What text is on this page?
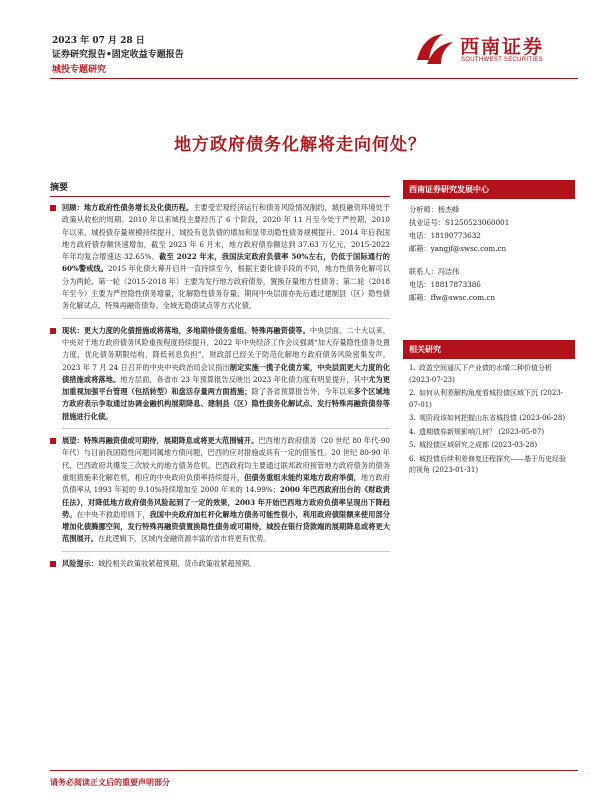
2023 年 07 月 28 日
证券研究报告•固定收益专题报告
城投专题研究
西南证券
SOUTHWEST SECURITIES
地方政府债务化解将走向何处？
摘要
回顾：地方政府性债务增长及化债历程。主要受宏观经济运行和债务风险情况制约，城投融资环境处于政策从收松的周期。2010 年以来城投主要经历了 6 个阶段，2020 年 11 月至今处于严控期，2010 年以来，城投债存量规模持续提升，城投有息负债的增加和显带动隐性债务规模提升。2014 年后我国地方政府债券额快速增加，截至 2023 年 6 月末，地方政府债券额达到 37.63 万亿元，2015-2022 年年均复合增速达 32.65%。截至 2022 年末，我国法定政府负债率 50%左右，仍低于国际通行的 60%警戒线。2015 年化债大幕开启并一直持续至今，根据主要化债手段的不同，地方性债务化解可以分为两轮，第一轮（2015-2018 年）主要为发行地方政府债券，置换存量地方性债务；第二轮（2018 年至今）主要为严控隐性债务增量，化解隐性债务存量，期间中央层面亦先后通过建制县（区）隐性债务化解试点、特殊再融资债券、全域无隐债试点等方式化债。
现状：更大力度的化债措施或将落地，多地期待债务重组、特殊再融资债等。中央层面，二十大以来，中央对于地方政府债务风险重视程度持续提升，2022 年中央经济工作会议强调“加大存量隐性债务处置力度，优化债务期限结构，降低利息负担”，财政部已经关于防范化解地方政府债务风险密集发声。2023 年 7 月 24 日召开的中央中央政治局会议指出制定实施一揽子化债方案，中央层面更大力度的化债措施或将落地。地方层面，各省市 23 年预算报告反映出 2023 年化债力度有明显提升，其中尤为更加重视加强平台管理（包括转型）和盘活存量两方面措施；除了各省预算报告外，今年以来多个区域地方政府表示争取通过协调金融机构展期降息、建制县（区）隐性债务化解试点、发行特殊再融资债券等措施进行化债。
展望：特殊再融资债或可期待，展期降息或将更大范围铺开。巴西地方政府债务（20 世纪 80 年代-90 年代）与目前我国隐性问题同属地方债问题，巴西的应对措施或具有一定的借鉴性。20 世纪 80-90 年代，巴西政府共爆发三次较大的地方债务危机，巴西政府均主要通过联邦政府接管地方政府债务的债务重组措施来化解危机，相应的中央政府负债率持续提升，但债务重组未能约束地方政府举债，地方政府负债率从 1993 年初的 9.10%持续增加至 2000 年末的 14.99%；2000 年巴西政府出台的《财政责任法》，对降低地方政府债务风险起到了一定的效果，2003 年开始巴西地方政府负债率呈现出下降趋势。在中央不救助原则下，我国中央政府加杠杆化解地方债务可能性很小，利用政府债限额来使用部分增加化债腾挪空间，发行特殊再融资债置换隐性债务或可期待，城投在银行贷款端的展期降息或将更大范围展开。在此逻辑下，区域内金融资源丰富的省市将更有优势。
风险提示：城投相关政策收紧超预期、货币政策收紧超预期。
西南证券研究发展中心
分析师：杨杰峰
执业证号：S1250523060001
电话：18190773632
邮箱：yangjf@swsc.com.cn
联系人：冯洁伟
电话：18817873386
邮箱：ffw@swsc.com.cn
相关研究
1. 政盈空间逼仄下产业债的水晴二种价值分析 (2023-07-23)
2. 如何从利差解构角度看城投债区域下沉 (2023-07-01)
3. 观阶段该如何把握山东省城投债 (2023-06-28)
4. 遗期债券新规影响几何？ (2023-05-07)
5. 城投债区域研究之成都 (2023-03-28)
6. 城投债后续利差修复还程探究——基于历史经验的视角 (2023-01-31)
请务必阅读正文后的重要声明部分
